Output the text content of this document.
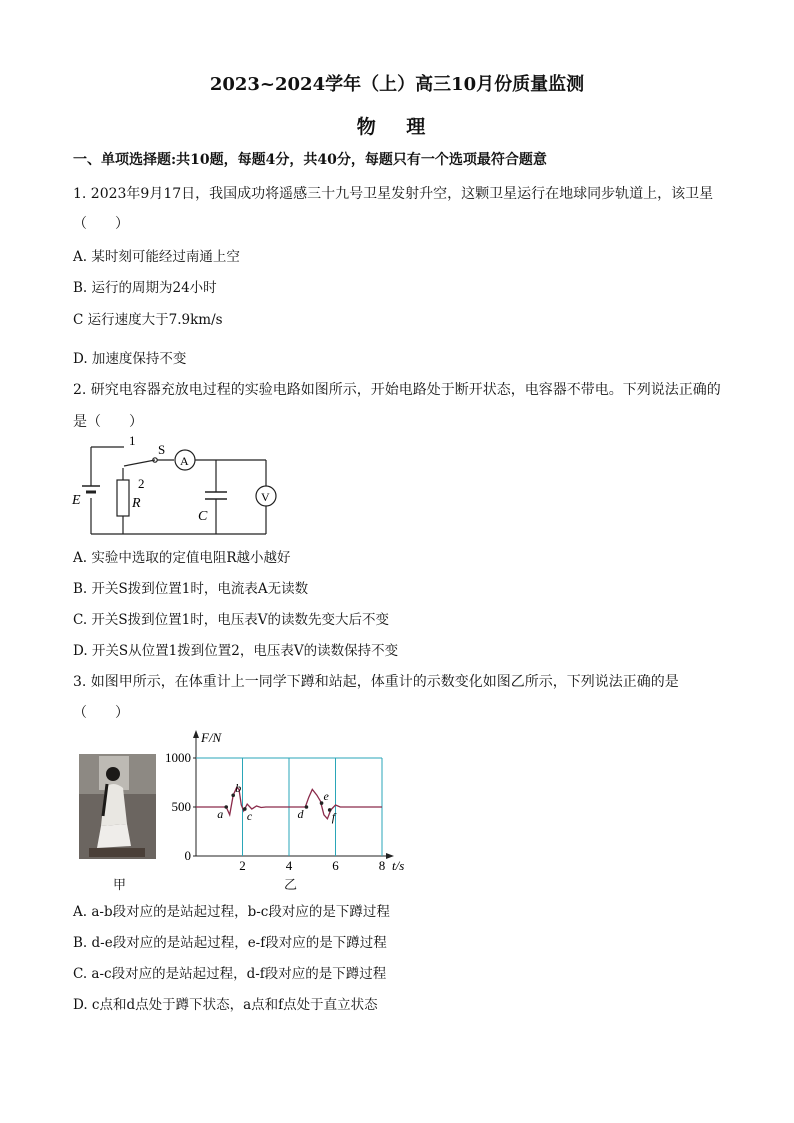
2023~2024学年（上）高三10月份质量监测
物 理
一、单项选择题:共10题，每题4分，共40分，每题只有一个选项最符合题意
1. 2023年9月17日，我国成功将遥感三十九号卫星发射升空，这颗卫星运行在地球同步轨道上，该卫星
（　　）
A. 某时刻可能经过南通上空
B. 运行的周期为24小时
C 运行速度大于7.9km/s
D. 加速度保持不变
2. 研究电容器充放电过程的实验电路如图所示，开始电路处于断开状态，电容器不带电。下列说法正确的
是（　　）
1
S
A
V
2
E	R
C
A. 实验中选取的定值电阻R越小越好
B. 开关S拨到位置1时，电流表A无读数
C. 开关S拨到位置1时，电压表V的读数先变大后不变
D. 开关S从位置1拨到位置2，电压表V的读数保持不变
3. 如图甲所示，在体重计上一同学下蹲和站起，体重计的示数变化如图乙所示，下列说法正确的是
（　　）
甲
0
500
1000
2	4	6	8
a
b
c	d
e
f
F/N
t/s
乙
A. a-b段对应的是站起过程，b-c段对应的是下蹲过程
B. d-e段对应的是站起过程，e-f段对应的是下蹲过程
C. a-c段对应的是站起过程，d-f段对应的是下蹲过程
D. c点和d点处于蹲下状态，a点和f点处于直立状态
